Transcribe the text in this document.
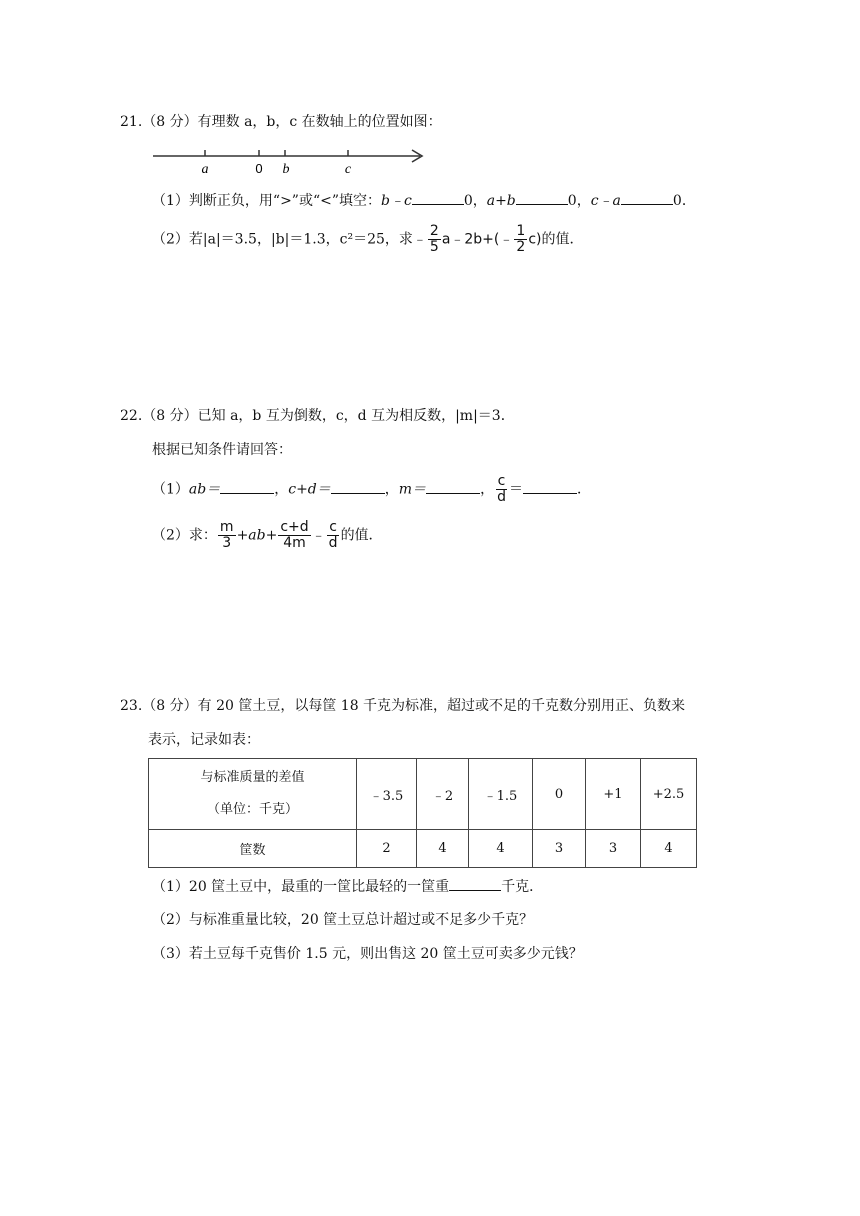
21.（8 分）有理数 a，b，c 在数轴上的位置如图：
a	0 b	c
（1）判断正负，用“>”或“<”填空：b﹣c	0，a+b	0，c﹣a	0．
（2）若|a|＝3.5，|b|＝1.3，c²＝25，求﹣ $\frac{2}{5}$ a﹣2b+(﹣ $\frac{1}{2} c$)的值．
22.（8 分）已知 a，b 互为倒数，c，d 互为相反数，|m|＝3．
根据已知条件请回答：
（1）ab＝	，c+d＝	，m＝	， $\frac{c}{d}$ ＝	．
（2）求： $\frac{m}{3} +ab+ \frac{c+d}{4m}$ ﹣ $\frac{c}{d}$ 的值．
23.（8 分）有 20 筐土豆，以每筐 18 千克为标准，超过或不足的千克数分别用正、负数来
表示，记录如表：
与标准质量的差值
（单位：千克）	﹣3.5	﹣2	﹣1.5	0	+1	+2.5
筐数	2	4	4	3	3	4
（1）20 筐土豆中，最重的一筐比最轻的一筐重	千克．
（2）与标准重量比较，20 筐土豆总计超过或不足多少千克？
（3）若土豆每千克售价 1.5 元，则出售这 20 筐土豆可卖多少元钱？
